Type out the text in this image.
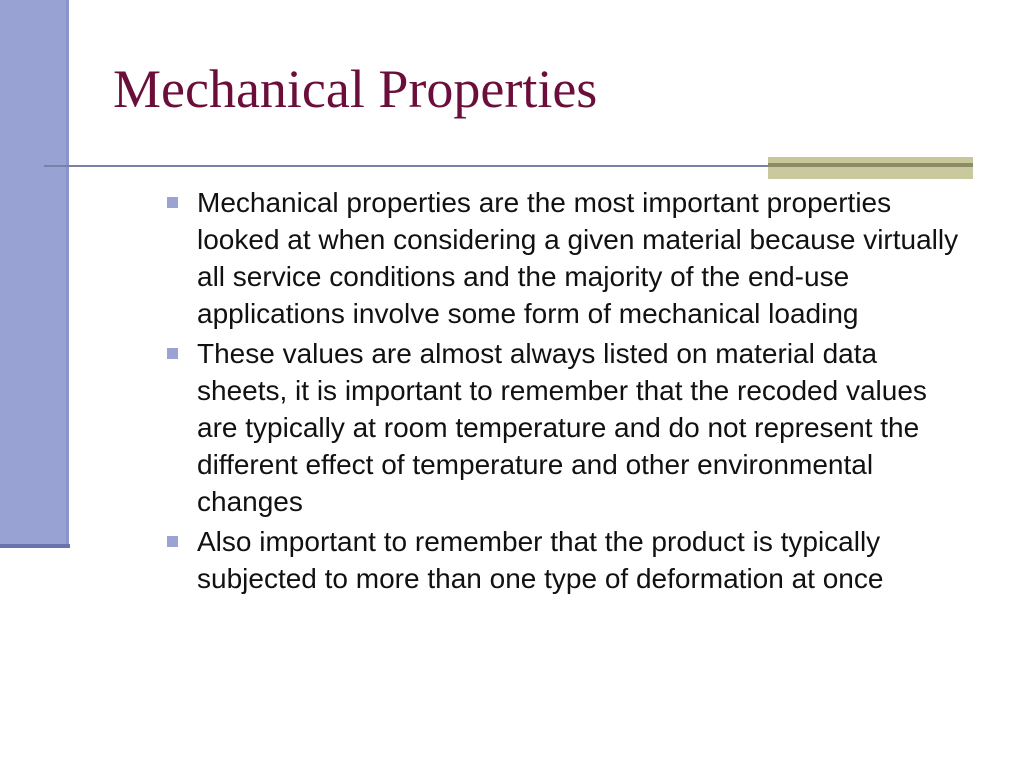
Mechanical Properties
Mechanical properties are the most important properties looked at when considering a given material because virtually all service conditions and the majority of the end-use applications involve some form of mechanical loading
These values are almost always listed on material data sheets, it is important to remember that the recoded values are typically at room temperature and do not represent the different effect of temperature and other environmental changes
Also important to remember that the product is typically subjected to more than one type of deformation at once
